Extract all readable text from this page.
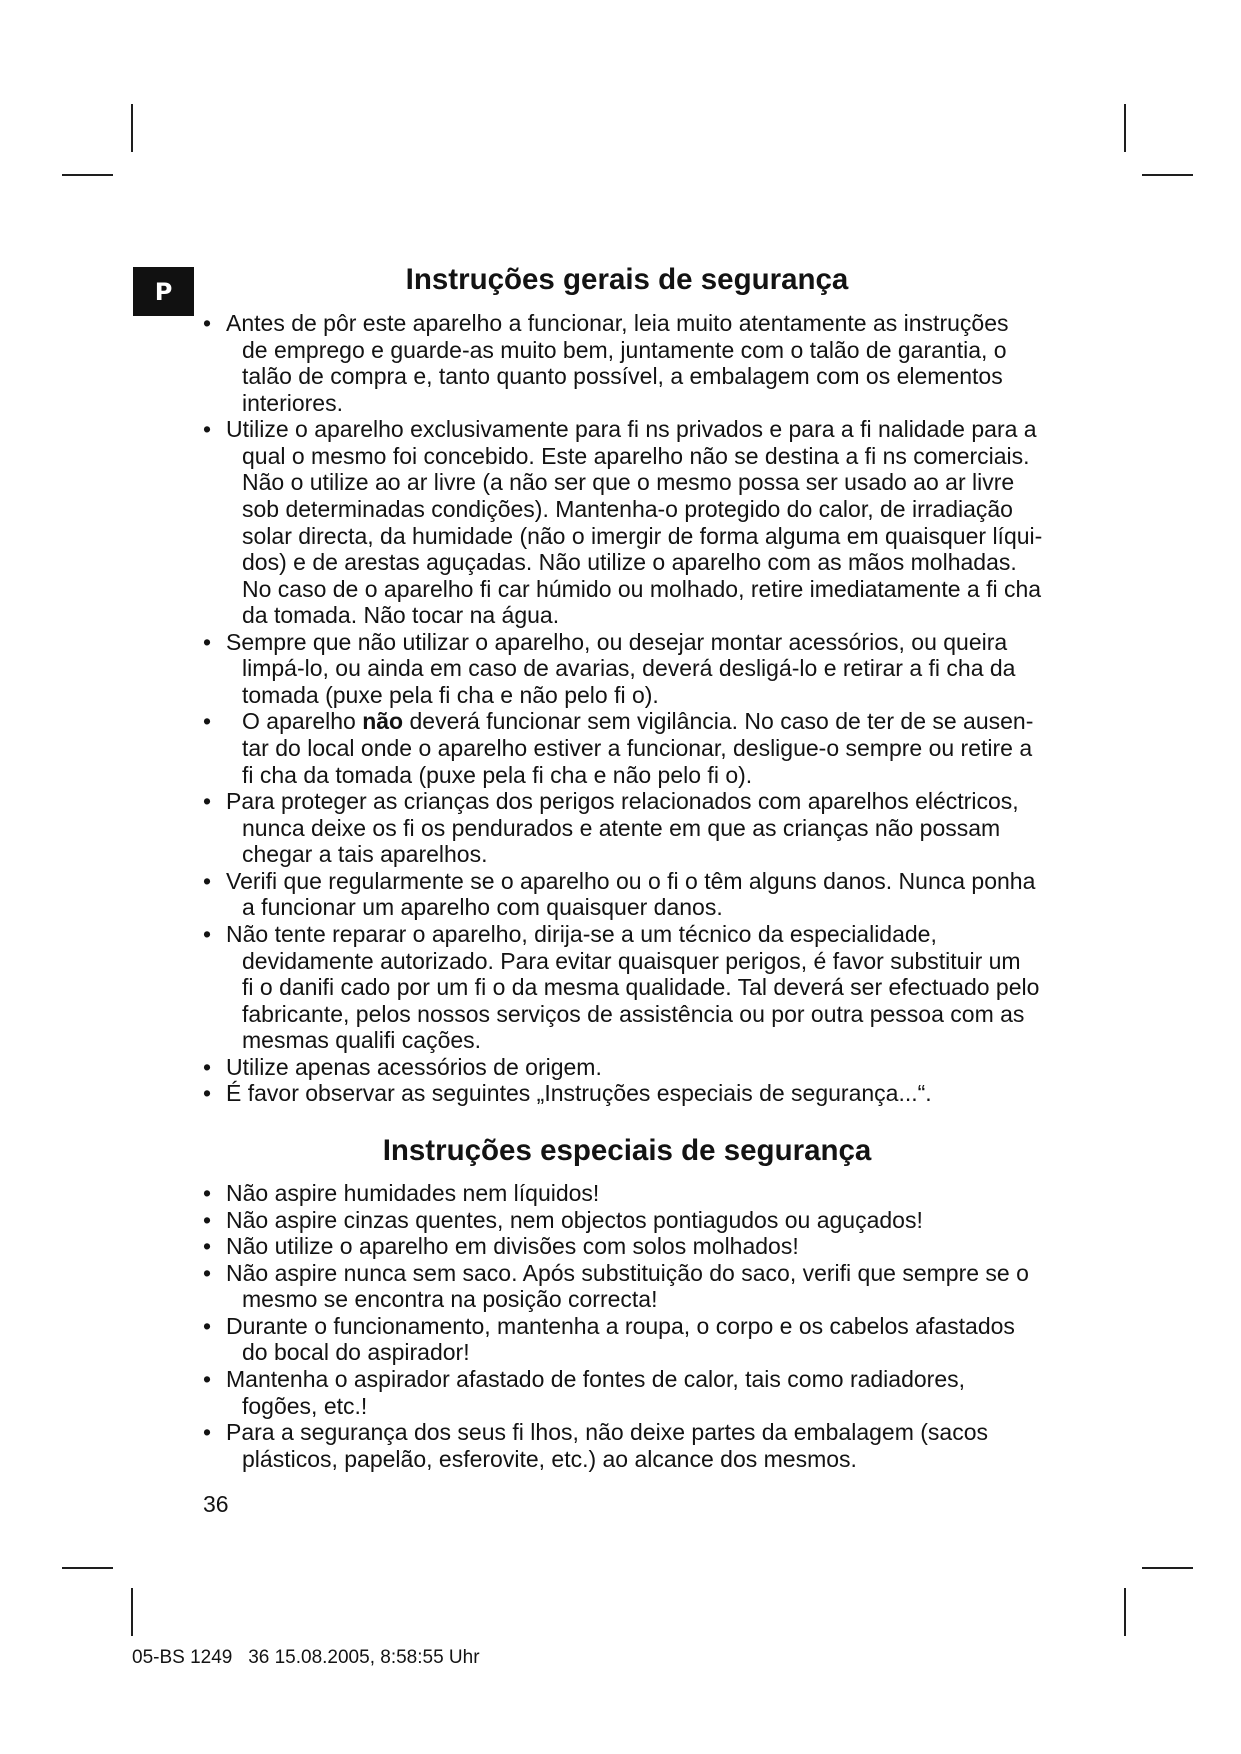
P	Instruções gerais de segurança
• Antes de pôr este aparelho a funcionar, leia muito atentamente as instruções
de emprego e guarde-as muito bem, juntamente com o talão de garantia, o
talão de compra e, tanto quanto possível, a embalagem com os elementos
interiores.
• Utilize o aparelho exclusivamente para fi ns privados e para a fi nalidade para a
qual o mesmo foi concebido. Este aparelho não se destina a fi ns comerciais.
Não o utilize ao ar livre (a não ser que o mesmo possa ser usado ao ar livre
sob determinadas condições). Mantenha-o protegido do calor, de irradiação
solar directa, da humidade (não o imergir de forma alguma em quaisquer líqui-
dos) e de arestas aguçadas. Não utilize o aparelho com as mãos molhadas.
No caso de o aparelho fi car húmido ou molhado, retire imediatamente a fi cha
da tomada. Não tocar na água.
• Sempre que não utilizar o aparelho, ou desejar montar acessórios, ou queira
limpá-lo, ou ainda em caso de avarias, deverá desligá-lo e retirar a fi cha da
tomada (puxe pela fi cha e não pelo fi o).
•	O aparelho não deverá funcionar sem vigilância. No caso de ter de se ausen-
tar do local onde o aparelho estiver a funcionar, desligue-o sempre ou retire a
fi cha da tomada (puxe pela fi cha e não pelo fi o).
• Para proteger as crianças dos perigos relacionados com aparelhos eléctricos,
nunca deixe os fi os pendurados e atente em que as crianças não possam
chegar a tais aparelhos.
• Verifi que regularmente se o aparelho ou o fi o têm alguns danos. Nunca ponha
a funcionar um aparelho com quaisquer danos.
• Não tente reparar o aparelho, dirija-se a um técnico da especialidade,
devidamente autorizado. Para evitar quaisquer perigos, é favor substituir um
fi o danifi cado por um fi o da mesma qualidade. Tal deverá ser efectuado pelo
fabricante, pelos nossos serviços de assistência ou por outra pessoa com as
mesmas qualifi cações.
• Utilize apenas acessórios de origem.
• É favor observar as seguintes „Instruções especiais de segurança...“.
Instruções especiais de segurança
• Não aspire humidades nem líquidos!
• Não aspire cinzas quentes, nem objectos pontiagudos ou aguçados!
• Não utilize o aparelho em divisões com solos molhados!
• Não aspire nunca sem saco. Após substituição do saco, verifi que sempre se o
mesmo se encontra na posição correcta!
• Durante o funcionamento, mantenha a roupa, o corpo e os cabelos afastados
do bocal do aspirador!
• Mantenha o aspirador afastado de fontes de calor, tais como radiadores,
fogões, etc.!
• Para a segurança dos seus fi lhos, não deixe partes da embalagem (sacos
plásticos, papelão, esferovite, etc.) ao alcance dos mesmos.
36
05-BS 1249   36 15.08.2005, 8:58:55 Uhr
